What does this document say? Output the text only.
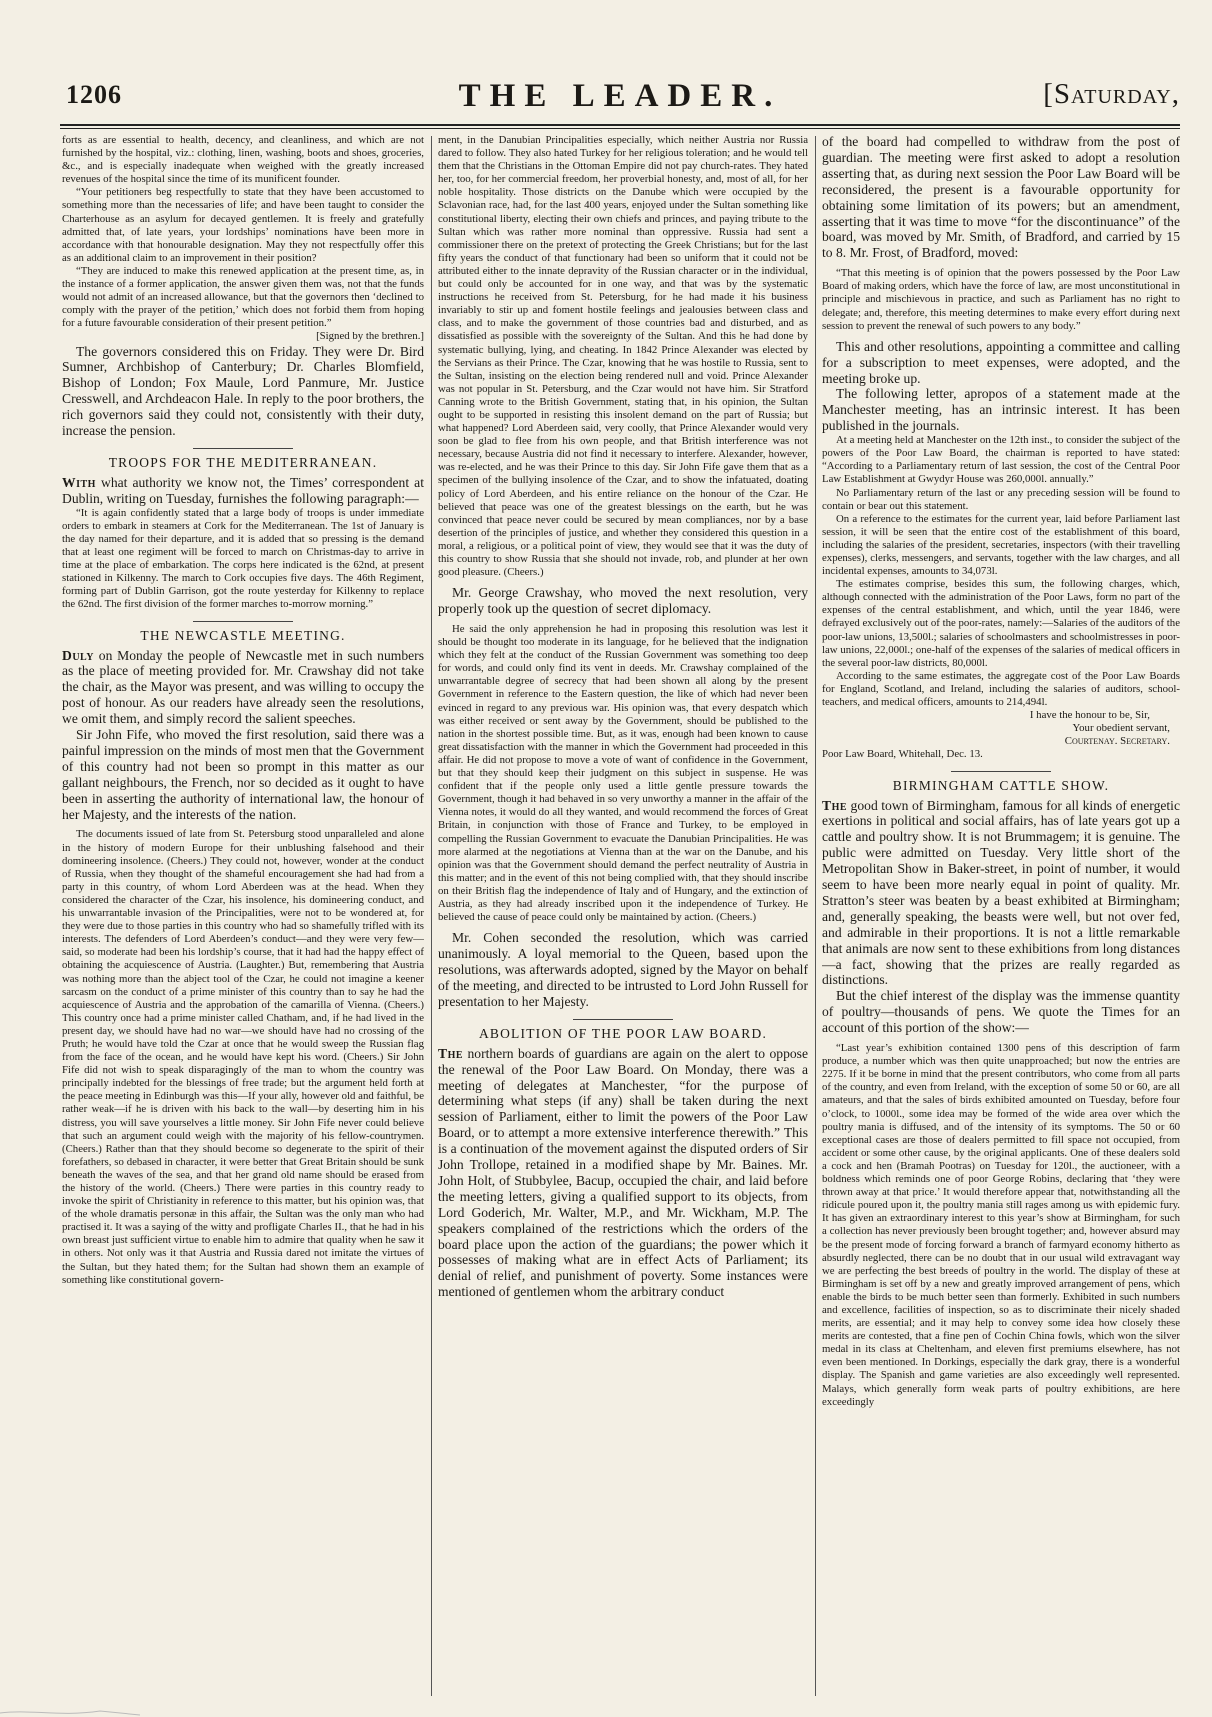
1206	THE LEADER.	[Saturday,

forts as are essential to health, decency, and cleanliness, and which are not furnished by the hospital, viz.: clothing, linen, washing, boots and shoes, groceries, &c., and is especially inadequate when weighed with the greatly increased revenues of the hospital since the time of its munificent founder.

“Your petitioners beg respectfully to state that they have been accustomed to something more than the necessaries of life; and have been taught to consider the Charterhouse as an asylum for decayed gentlemen. It is freely and gratefully admitted that, of late years, your lordships’ nominations have been more in accordance with that honourable designation. May they not respectfully offer this as an additional claim to an improvement in their position?

“They are induced to make this renewed application at the present time, as, in the instance of a former application, the answer given them was, not that the funds would not admit of an increased allowance, but that the governors then ‘declined to comply with the prayer of the petition,’ which does not forbid them from hoping for a future favourable consideration of their present petition.”

[Signed by the brethren.]

The governors considered this on Friday. They were Dr. Bird Sumner, Archbishop of Canterbury; Dr. Charles Blomfield, Bishop of London; Fox Maule, Lord Panmure, Mr. Justice Cresswell, and Archdeacon Hale. In reply to the poor brothers, the rich governors said they could not, consistently with their duty, increase the pension.

TROOPS FOR THE MEDITERRANEAN.

With what authority we know not, the Times’ correspondent at Dublin, writing on Tuesday, furnishes the following paragraph:—

“It is again confidently stated that a large body of troops is under immediate orders to embark in steamers at Cork for the Mediterranean. The 1st of January is the day named for their departure, and it is added that so pressing is the demand that at least one regiment will be forced to march on Christmas-day to arrive in time at the place of embarkation. The corps here indicated is the 62nd, at present stationed in Kilkenny. The march to Cork occupies five days. The 46th Regiment, forming part of Dublin Garrison, got the route yesterday for Kilkenny to replace the 62nd. The first division of the former marches to-morrow morning.”

THE NEWCASTLE MEETING.

Duly on Monday the people of Newcastle met in such numbers as the place of meeting provided for. Mr. Crawshay did not take the chair, as the Mayor was present, and was willing to occupy the post of honour. As our readers have already seen the resolutions, we omit them, and simply record the salient speeches.

Sir John Fife, who moved the first resolution, said there was a painful impression on the minds of most men that the Government of this country had not been so prompt in this matter as our gallant neighbours, the French, nor so decided as it ought to have been in asserting the authority of international law, the honour of her Majesty, and the interests of the nation.

The documents issued of late from St. Petersburg stood unparalleled and alone in the history of modern Europe for their unblushing falsehood and their domineering insolence. (Cheers.) They could not, however, wonder at the conduct of Russia, when they thought of the shameful encouragement she had had from a party in this country, of whom Lord Aberdeen was at the head. When they considered the character of the Czar, his insolence, his domineering conduct, and his unwarrantable invasion of the Principalities, were not to be wondered at, for they were due to those parties in this country who had so shamefully trifled with its interests. The defenders of Lord Aberdeen’s conduct—and they were very few—said, so moderate had been his lordship’s course, that it had had the happy effect of obtaining the acquiescence of Austria. (Laughter.) But, remembering that Austria was nothing more than the abject tool of the Czar, he could not imagine a keener sarcasm on the conduct of a prime minister of this country than to say he had the acquiescence of Austria and the approbation of the camarilla of Vienna. (Cheers.) This country once had a prime minister called Chatham, and, if he had lived in the present day, we should have had no war—we should have had no crossing of the Pruth; he would have told the Czar at once that he would sweep the Russian flag from the face of the ocean, and he would have kept his word. (Cheers.) Sir John Fife did not wish to speak disparagingly of the man to whom the country was principally indebted for the blessings of free trade; but the argument held forth at the peace meeting in Edinburgh was this—If your ally, however old and faithful, be rather weak—if he is driven with his back to the wall—by deserting him in his distress, you will save yourselves a little money. Sir John Fife never could believe that such an argument could weigh with the majority of his fellow-countrymen. (Cheers.) Rather than that they should become so degenerate to the spirit of their forefathers, so debased in character, it were better that Great Britain should be sunk beneath the waves of the sea, and that her grand old name should be erased from the history of the world. (Cheers.) There were parties in this country ready to invoke the spirit of Christianity in reference to this matter, but his opinion was, that of the whole dramatis personæ in this affair, the Sultan was the only man who had practised it. It was a saying of the witty and profligate Charles II., that he had in his own breast just sufficient virtue to enable him to admire that quality when he saw it in others. Not only was it that Austria and Russia dared not imitate the virtues of the Sultan, but they hated them; for the Sultan had shown them an example of something like constitutional govern-

ment, in the Danubian Principalities especially, which neither Austria nor Russia dared to follow. They also hated Turkey for her religious toleration; and he would tell them that the Christians in the Ottoman Empire did not pay church-rates. They hated her, too, for her commercial freedom, her proverbial honesty, and, most of all, for her noble hospitality. Those districts on the Danube which were occupied by the Sclavonian race, had, for the last 400 years, enjoyed under the Sultan something like constitutional liberty, electing their own chiefs and princes, and paying tribute to the Sultan which was rather more nominal than oppressive. Russia had sent a commissioner there on the pretext of protecting the Greek Christians; but for the last fifty years the conduct of that functionary had been so uniform that it could not be attributed either to the innate depravity of the Russian character or in the individual, but could only be accounted for in one way, and that was by the systematic instructions he received from St. Petersburg, for he had made it his business invariably to stir up and foment hostile feelings and jealousies between class and class, and to make the government of those countries bad and disturbed, and as dissatisfied as possible with the sovereignty of the Sultan. And this he had done by systematic bullying, lying, and cheating. In 1842 Prince Alexander was elected by the Servians as their Prince. The Czar, knowing that he was hostile to Russia, sent to the Sultan, insisting on the election being rendered null and void. Prince Alexander was not popular in St. Petersburg, and the Czar would not have him. Sir Stratford Canning wrote to the British Government, stating that, in his opinion, the Sultan ought to be supported in resisting this insolent demand on the part of Russia; but what happened? Lord Aberdeen said, very coolly, that Prince Alexander would very soon be glad to flee from his own people, and that British interference was not necessary, because Austria did not find it necessary to interfere. Alexander, however, was re-elected, and he was their Prince to this day. Sir John Fife gave them that as a specimen of the bullying insolence of the Czar, and to show the infatuated, doating policy of Lord Aberdeen, and his entire reliance on the honour of the Czar. He believed that peace was one of the greatest blessings on the earth, but he was convinced that peace never could be secured by mean compliances, nor by a base desertion of the principles of justice, and whether they considered this question in a moral, a religious, or a political point of view, they would see that it was the duty of this country to show Russia that she should not invade, rob, and plunder at her own good pleasure. (Cheers.)

Mr. George Crawshay, who moved the next resolution, very properly took up the question of secret diplomacy.

He said the only apprehension he had in proposing this resolution was lest it should be thought too moderate in its language, for he believed that the indignation which they felt at the conduct of the Russian Government was something too deep for words, and could only find its vent in deeds. Mr. Crawshay complained of the unwarrantable degree of secrecy that had been shown all along by the present Government in reference to the Eastern question, the like of which had never been evinced in regard to any previous war. His opinion was, that every despatch which was either received or sent away by the Government, should be published to the nation in the shortest possible time. But, as it was, enough had been known to cause great dissatisfaction with the manner in which the Government had proceeded in this affair. He did not propose to move a vote of want of confidence in the Government, but that they should keep their judgment on this subject in suspense. He was confident that if the people only used a little gentle pressure towards the Government, though it had behaved in so very unworthy a manner in the affair of the Vienna notes, it would do all they wanted, and would recommend the forces of Great Britain, in conjunction with those of France and Turkey, to be employed in compelling the Russian Government to evacuate the Danubian Principalities. He was more alarmed at the negotiations at Vienna than at the war on the Danube, and his opinion was that the Government should demand the perfect neutrality of Austria in this matter; and in the event of this not being complied with, that they should inscribe on their British flag the independence of Italy and of Hungary, and the extinction of Austria, as they had already inscribed upon it the independence of Turkey. He believed the cause of peace could only be maintained by action. (Cheers.)

Mr. Cohen seconded the resolution, which was carried unanimously. A loyal memorial to the Queen, based upon the resolutions, was afterwards adopted, signed by the Mayor on behalf of the meeting, and directed to be intrusted to Lord John Russell for presentation to her Majesty.

ABOLITION OF THE POOR LAW BOARD.

The northern boards of guardians are again on the alert to oppose the renewal of the Poor Law Board. On Monday, there was a meeting of delegates at Manchester, “for the purpose of determining what steps (if any) shall be taken during the next session of Parliament, either to limit the powers of the Poor Law Board, or to attempt a more extensive interference therewith.” This is a continuation of the movement against the disputed orders of Sir John Trollope, retained in a modified shape by Mr. Baines. Mr. John Holt, of Stubbylee, Bacup, occupied the chair, and laid before the meeting letters, giving a qualified support to its objects, from Lord Goderich, Mr. Walter, M.P., and Mr. Wickham, M.P. The speakers complained of the restrictions which the orders of the board place upon the action of the guardians; the power which it possesses of making what are in effect Acts of Parliament; its denial of relief, and punishment of poverty. Some instances were mentioned of gentlemen whom the arbitrary conduct

of the board had compelled to withdraw from the post of guardian. The meeting were first asked to adopt a resolution asserting that, as during next session the Poor Law Board will be reconsidered, the present is a favourable opportunity for obtaining some limitation of its powers; but an amendment, asserting that it was time to move “for the discontinuance” of the board, was moved by Mr. Smith, of Bradford, and carried by 15 to 8. Mr. Frost, of Bradford, moved:

“That this meeting is of opinion that the powers possessed by the Poor Law Board of making orders, which have the force of law, are most unconstitutional in principle and mischievous in practice, and such as Parliament has no right to delegate; and, therefore, this meeting determines to make every effort during next session to prevent the renewal of such powers to any body.”

This and other resolutions, appointing a committee and calling for a subscription to meet expenses, were adopted, and the meeting broke up.

The following letter, apropos of a statement made at the Manchester meeting, has an intrinsic interest. It has been published in the journals.

At a meeting held at Manchester on the 12th inst., to consider the subject of the powers of the Poor Law Board, the chairman is reported to have stated: “According to a Parliamentary return of last session, the cost of the Central Poor Law Establishment at Gwydyr House was 260,000l. annually.”

No Parliamentary return of the last or any preceding session will be found to contain or bear out this statement.

On a reference to the estimates for the current year, laid before Parliament last session, it will be seen that the entire cost of the establishment of this board, including the salaries of the president, secretaries, inspectors (with their travelling expenses), clerks, messengers, and servants, together with the law charges, and all incidental expenses, amounts to 34,073l.

The estimates comprise, besides this sum, the following charges, which, although connected with the administration of the Poor Laws, form no part of the expenses of the central establishment, and which, until the year 1846, were defrayed exclusively out of the poor-rates, namely:—Salaries of the auditors of the poor-law unions, 13,500l.; salaries of schoolmasters and schoolmistresses in poor-law unions, 22,000l.; one-half of the expenses of the salaries of medical officers in the several poor-law districts, 80,000l.

According to the same estimates, the aggregate cost of the Poor Law Boards for England, Scotland, and Ireland, including the salaries of auditors, school-teachers, and medical officers, amounts to 214,494l.

I have the honour to be, Sir,

Your obedient servant,

Courtenay. Secretary.

Poor Law Board, Whitehall, Dec. 13.

BIRMINGHAM CATTLE SHOW.

The good town of Birmingham, famous for all kinds of energetic exertions in political and social affairs, has of late years got up a cattle and poultry show. It is not Brummagem; it is genuine. The public were admitted on Tuesday. Very little short of the Metropolitan Show in Baker-street, in point of number, it would seem to have been more nearly equal in point of quality. Mr. Stratton’s steer was beaten by a beast exhibited at Birmingham; and, generally speaking, the beasts were well, but not over fed, and admirable in their proportions. It is not a little remarkable that animals are now sent to these exhibitions from long distances—a fact, showing that the prizes are really regarded as distinctions.

But the chief interest of the display was the immense quantity of poultry—thousands of pens. We quote the Times for an account of this portion of the show:—

“Last year’s exhibition contained 1300 pens of this description of farm produce, a number which was then quite unapproached; but now the entries are 2275. If it be borne in mind that the present contributors, who come from all parts of the country, and even from Ireland, with the exception of some 50 or 60, are all amateurs, and that the sales of birds exhibited amounted on Tuesday, before four o’clock, to 1000l., some idea may be formed of the wide area over which the poultry mania is diffused, and of the intensity of its symptoms. The 50 or 60 exceptional cases are those of dealers permitted to fill space not occupied, from accident or some other cause, by the original applicants. One of these dealers sold a cock and hen (Bramah Pootras) on Tuesday for 120l., the auctioneer, with a boldness which reminds one of poor George Robins, declaring that ‘they were thrown away at that price.’ It would therefore appear that, notwithstanding all the ridicule poured upon it, the poultry mania still rages among us with epidemic fury. It has given an extraordinary interest to this year’s show at Birmingham, for such a collection has never previously been brought together; and, however absurd may be the present mode of forcing forward a branch of farmyard economy hitherto as absurdly neglected, there can be no doubt that in our usual wild extravagant way we are perfecting the best breeds of poultry in the world. The display of these at Birmingham is set off by a new and greatly improved arrangement of pens, which enable the birds to be much better seen than formerly. Exhibited in such numbers and excellence, facilities of inspection, so as to discriminate their nicely shaded merits, are essential; and it may help to convey some idea how closely these merits are contested, that a fine pen of Cochin China fowls, which won the silver medal in its class at Cheltenham, and eleven first premiums elsewhere, has not even been mentioned. In Dorkings, especially the dark gray, there is a wonderful display. The Spanish and game varieties are also exceedingly well represented. Malays, which generally form weak parts of poultry exhibitions, are here exceedingly
